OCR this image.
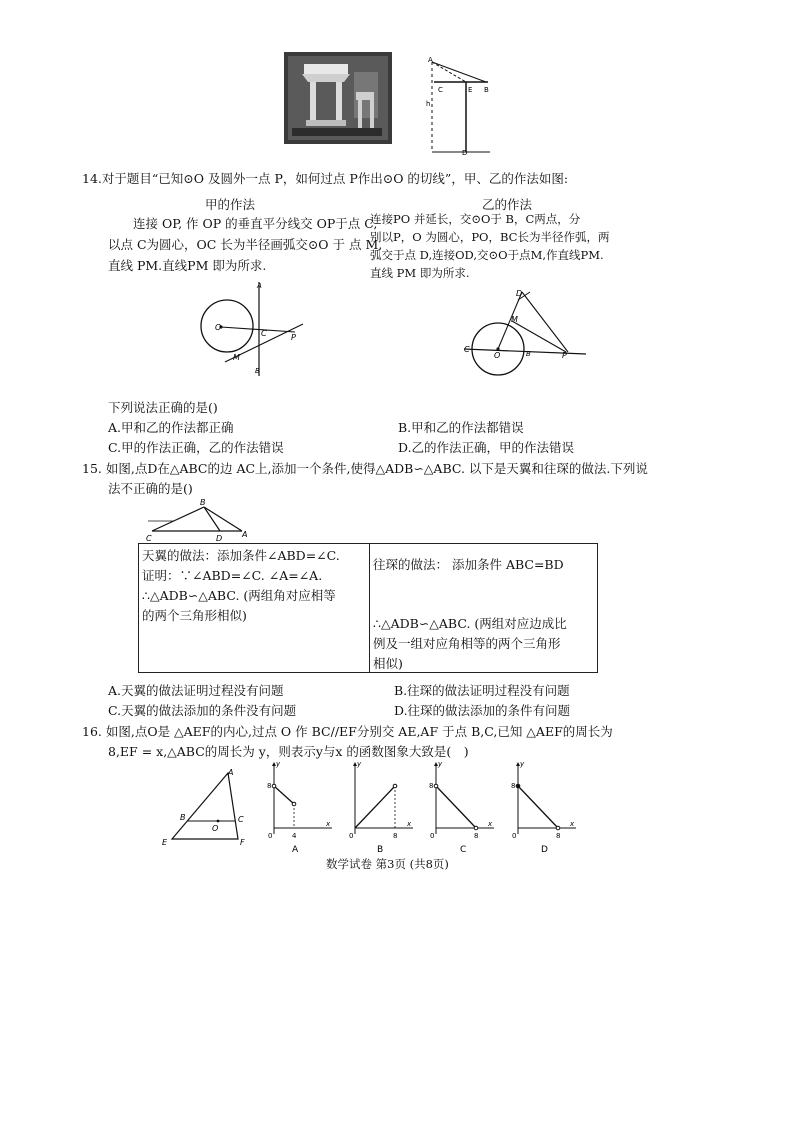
A
C	E B
h
D
14.对于题目“已知⊙O 及圆外一点 P，如何过点 P作出⊙O 的切线”，甲、乙的作法如图:
甲的作法	乙的作法
连接 OP, 作 OP 的垂直平分线交 OP于点 C,
以点 C为圆心，OC 长为半径画弧交⊙O 于 点 M,
直线 PM.直线PM 即为所求.
连接PO 并延长，交⊙O于 B，C两点，分
别以P，O 为圆心，PO，BC长为半径作弧，两
弧交于点 D,连接OD,交⊙O于点M,作直线PM.
直线 PM 即为所求.
A
O
C	P
M
B
D
M
C
O	B	P
下列说法正确的是()
A.甲和乙的作法都正确	B.甲和乙的作法都错误
C.甲的作法正确，乙的作法错误	D.乙的作法正确，甲的作法错误
15. 如图,点D在△ABC的边 AC上,添加一个条件,使得△ADB∽△ABC. 以下是天翼和往琛的做法.下列说
法不正确的是()
B
C	D A
天翼的做法：添加条件∠ABD=∠C.
证明：∵∠ABD=∠C. ∠A=∠A.
∴△ADB∽△ABC. (两组角对应相等
的两个三角形相似)
往琛的做法： 添加条件 ABC=BD
∴△ADB∽△ABC. (两组对应边成比
例及一组对应角相等的两个三角形
相似)
A.天翼的做法证明过程没有问题	B.往琛的做法证明过程没有问题
C.天翼的做法添加的条件没有问题	D.往琛的做法添加的条件有问题
16. 如图,点O是 △AEF的内心,过点 O 作 BC//EF分别交 AE,AF 于点 B,C,已知 △AEF的周长为
8,EF = x,△ABC的周长为 y，则表示y与x 的函数图象大致是(　)
A
B
O
C
E	F
y
8
0	4
x
A
y
0	8
x
B
y
8
0	8
x
C
y
8
0	8
x
D
数学试卷 第3页 (共8页)
